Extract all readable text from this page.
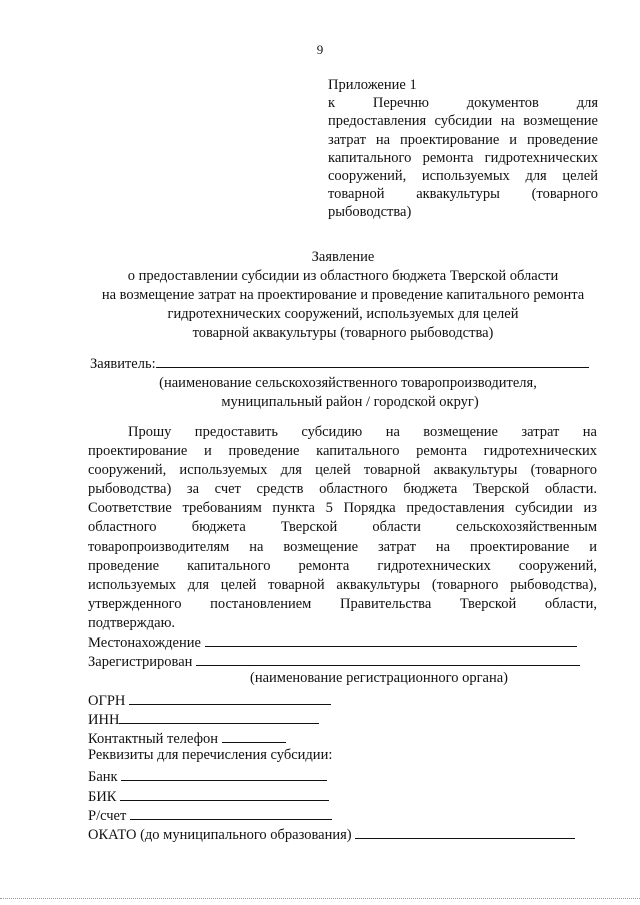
9
Приложение 1
к Перечню документов для
предоставления субсидии на возмещение
затрат на проектирование и проведение
капитального ремонта гидротехнических
сооружений, используемых для целей
товарной аквакультуры (товарного
рыбоводства)
Заявление
о предоставлении субсидии из областного бюджета Тверской области
на возмещение затрат на проектирование и проведение капитального ремонта
гидротехнических сооружений, используемых для целей
товарной аквакультуры (товарного рыбоводства)
Заявитель:
(наименование сельскохозяйственного товаропроизводителя,
муниципальный район / городской округ)
Прошу предоставить субсидию на возмещение затрат на
проектирование и проведение капитального ремонта гидротехнических
сооружений, используемых для целей товарной аквакультуры (товарного
рыбоводства) за счет средств областного бюджета Тверской области.
Соответствие требованиям пункта 5 Порядка предоставления субсидии из
областного бюджета Тверской области сельскохозяйственным
товаропроизводителям на возмещение затрат на проектирование и
проведение капитального ремонта гидротехнических сооружений,
используемых для целей товарной аквакультуры (товарного рыбоводства),
утвержденного постановлением Правительства Тверской области,
подтверждаю.
Местонахождение
Зарегистрирован
(наименование регистрационного органа)
ОГРН
ИНН
Контактный телефон
Реквизиты для перечисления субсидии:
Банк
БИК
Р/счет
ОКАТО (до муниципального образования)
